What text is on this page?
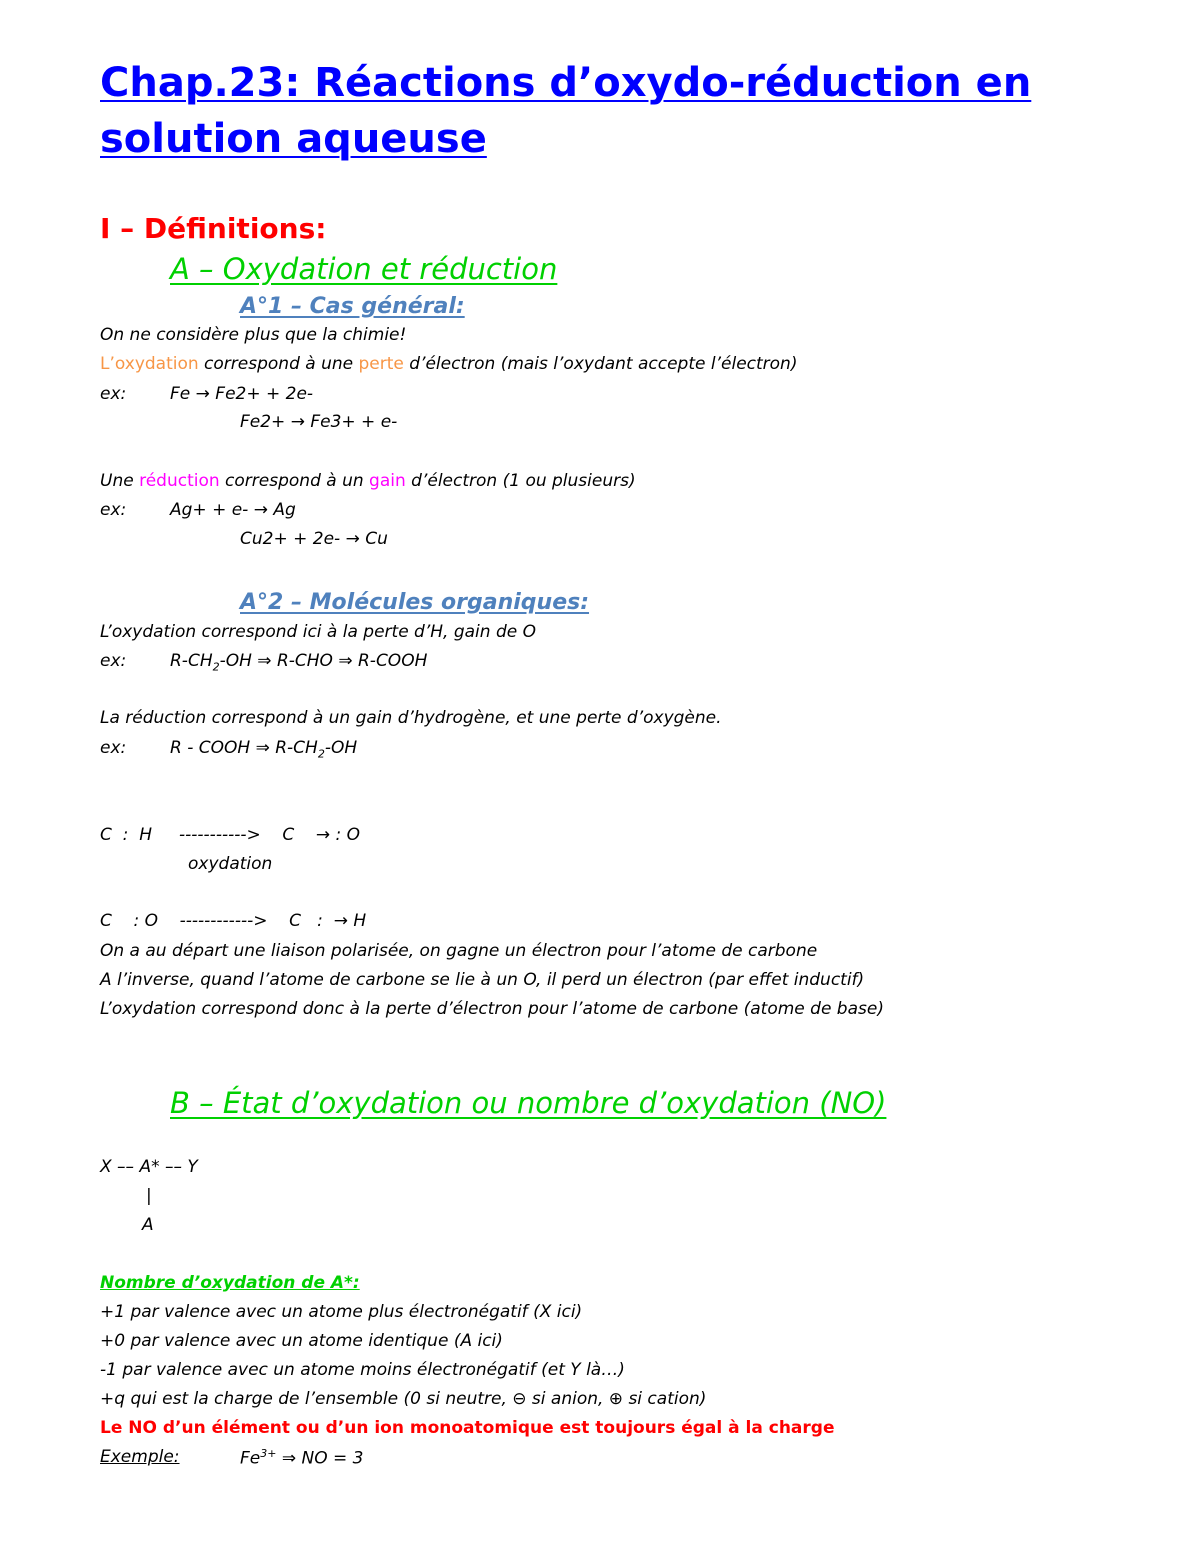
Chap.23: Réactions d’oxydo-réduction en
solution aqueuse
I – Définitions:
A – Oxydation et réduction
A°1 – Cas général:
On ne considère plus que la chimie!
L’oxydation correspond à une perte d’électron (mais l’oxydant accepte l’électron)
ex:	Fe → Fe2+ + 2e-
Fe2+ → Fe3+ + e-
Une réduction correspond à un gain d’électron (1 ou plusieurs)
ex:	Ag+ + e- → Ag
Cu2+ + 2e- → Cu
A°2 – Molécules organiques:
L’oxydation correspond ici à la perte d’H, gain de O
ex:	$R-CH_2-OH$ ⇒ R-CHO ⇒ R-COOH
La réduction correspond à un gain d’hydrogène, et une perte d’oxygène.
ex:	R - COOH ⇒ $R-CH_2-OH$
C  :  H     ----------->    C    → : O
oxydation
C    : O    ------------>    C   :  → H
On a au départ une liaison polarisée, on gagne un électron pour l’atome de carbone
A l’inverse, quand l’atome de carbone se lie à un O, il perd un électron (par effet inductif)
L’oxydation correspond donc à la perte d’électron pour l’atome de carbone (atome de base)
B – État d’oxydation ou nombre d’oxydation (NO)
X –– A* –– Y
|
A
Nombre d’oxydation de A*:
+1 par valence avec un atome plus électronégatif (X ici)
+0 par valence avec un atome identique (A ici)
-1 par valence avec un atome moins électronégatif (et Y là…)
+q qui est la charge de l’ensemble (0 si neutre, ⊖ si anion, ⊕ si cation)
Le NO d’un élément ou d’un ion monoatomique est toujours égal à la charge
Exemple:	$Fe^{3+}$ ⇒ NO = 3
